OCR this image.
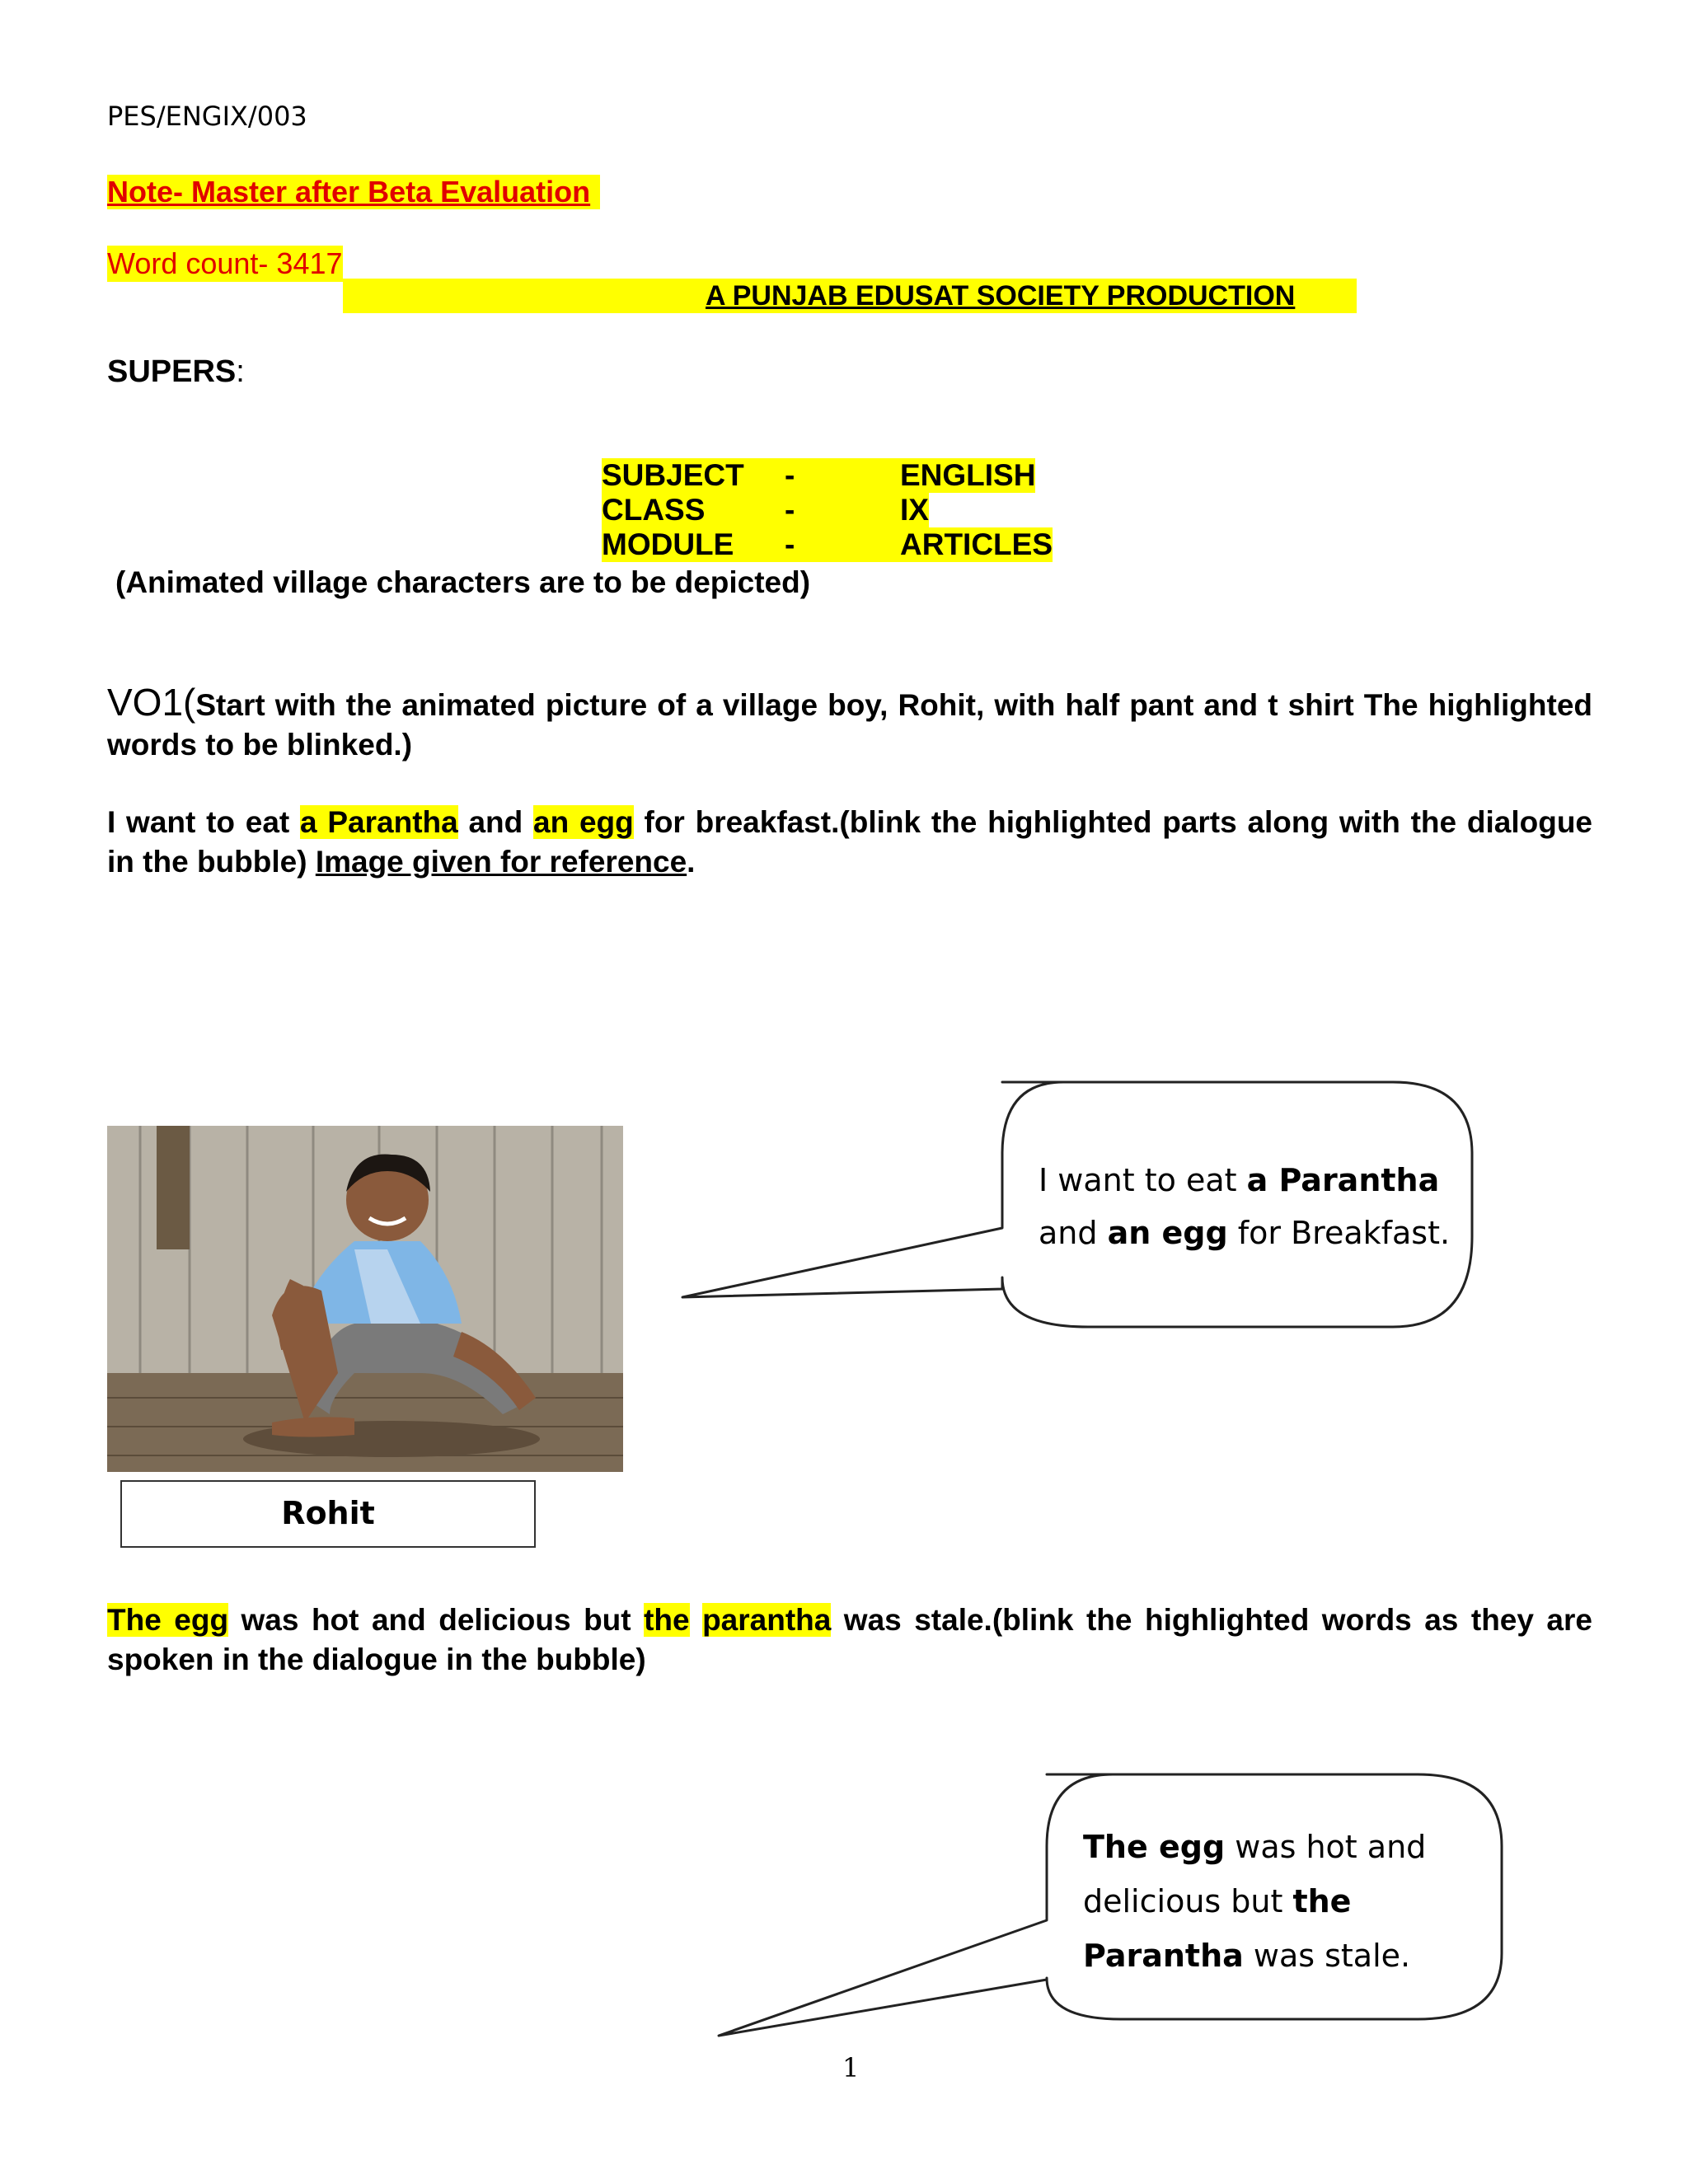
PES/ENGIX/003
Note- Master after Beta Evaluation
Word count- 3417
A PUNJAB EDUSAT SOCIETY PRODUCTION
SUPERS:
SUBJECT	-	ENGLISH
CLASS	-	IX
MODULE	-	ARTICLES
(Animated village characters are to be depicted)
VO1(Start with the animated picture of a village boy, Rohit, with half pant and t shirt The highlighted words to be blinked.)
I want to eat a Parantha and an egg for breakfast.(blink the highlighted parts along with the dialogue in the bubble) Image given for reference.
Rohit
I want to eat a Parantha
and an egg for Breakfast.
The egg was hot and delicious but the parantha was stale.(blink the highlighted words as they are spoken in the dialogue in the bubble)
The egg was hot and delicious but the
Parantha was stale.
1
